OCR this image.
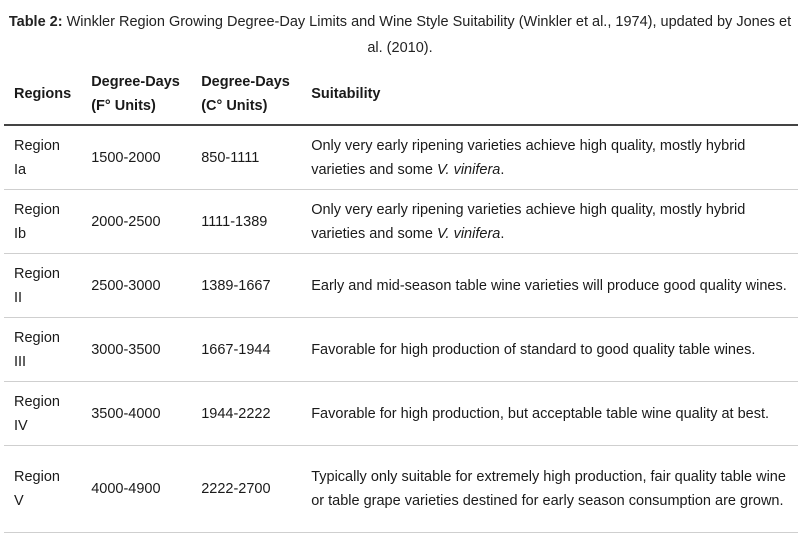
Table 2: Winkler Region Growing Degree-Day Limits and Wine Style Suitability (Winkler et al., 1974), updated by Jones et al. (2010).
Regions	Degree-Days (F° Units)	Degree-Days (C° Units)	Suitability
Region Ia	1500-2000	850-1111	Only very early ripening varieties achieve high quality, mostly hybrid varieties and some V. vinifera.
Region Ib	2000-2500	1111-1389	Only very early ripening varieties achieve high quality, mostly hybrid varieties and some V. vinifera.
Region II	2500-3000	1389-1667	Early and mid-season table wine varieties will produce good quality wines.
Region III	3000-3500	1667-1944	Favorable for high production of standard to good quality table wines.
Region IV	3500-4000	1944-2222	Favorable for high production, but acceptable table wine quality at best.
Region V	4000-4900	2222-2700	Typically only suitable for extremely high production, fair quality table wine or table grape varieties destined for early season consumption are grown.
